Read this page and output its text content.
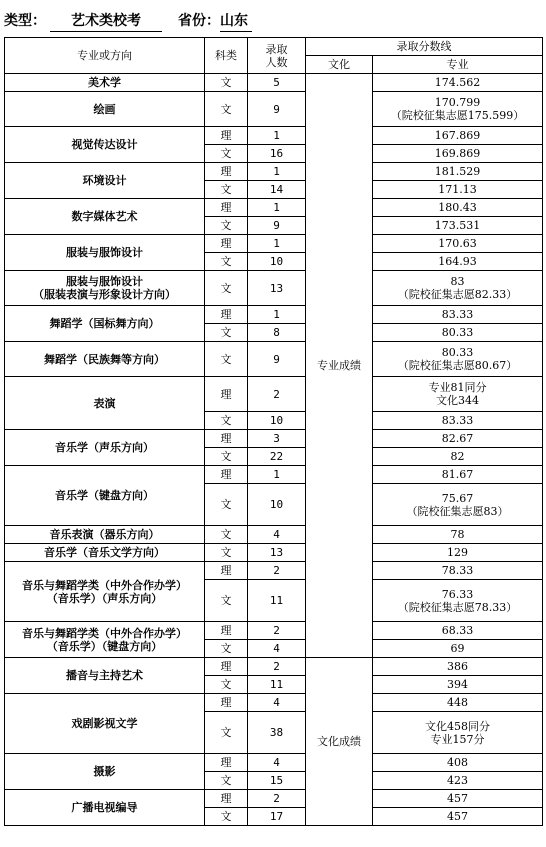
类型：	艺术类校考	省份： 山东
专业或方向	科类	录取人数	录取分数线	
			文化	专业
美术学	文	5	专业成绩	174.562
绘画	文	9		170.799
（院校征集志愿175.599）
视觉传达设计	理	1		167.869
	文	16		169.869
环境设计	理	1		181.529
	文	14		171.13
数字媒体艺术	理	1		180.43
	文	9		173.531
服装与服饰设计	理	1		170.63
	文	10		164.93
服装与服饰设计
（服装表演与形象设计方向）	文	13		83
（院校征集志愿82.33）
舞蹈学（国标舞方向）	理	1		83.33
	文	8		80.33
舞蹈学（民族舞等方向）	文	9		80.33
（院校征集志愿80.67）
表演	理	2		专业81同分
文化344
	文	10		83.33
音乐学（声乐方向）	理	3		82.67
	文	22		82
音乐学（键盘方向）	理	1		81.67
	文	10		75.67
（院校征集志愿83）
音乐表演（器乐方向）	文	4		78
音乐学（音乐文学方向）	文	13		129
音乐与舞蹈学类（中外合作办学）
（音乐学）（声乐方向）	理	2		78.33
	文	11		76.33
（院校征集志愿78.33）
音乐与舞蹈学类（中外合作办学）
（音乐学）（键盘方向）	理	2		68.33
	文	4		69
播音与主持艺术	理	2	文化成绩	386
	文	11		394
戏剧影视文学	理	4		448
	文	38		文化458同分
专业157分
摄影	理	4		408
	文	15		423
广播电视编导	理	2		457
	文	17		457
